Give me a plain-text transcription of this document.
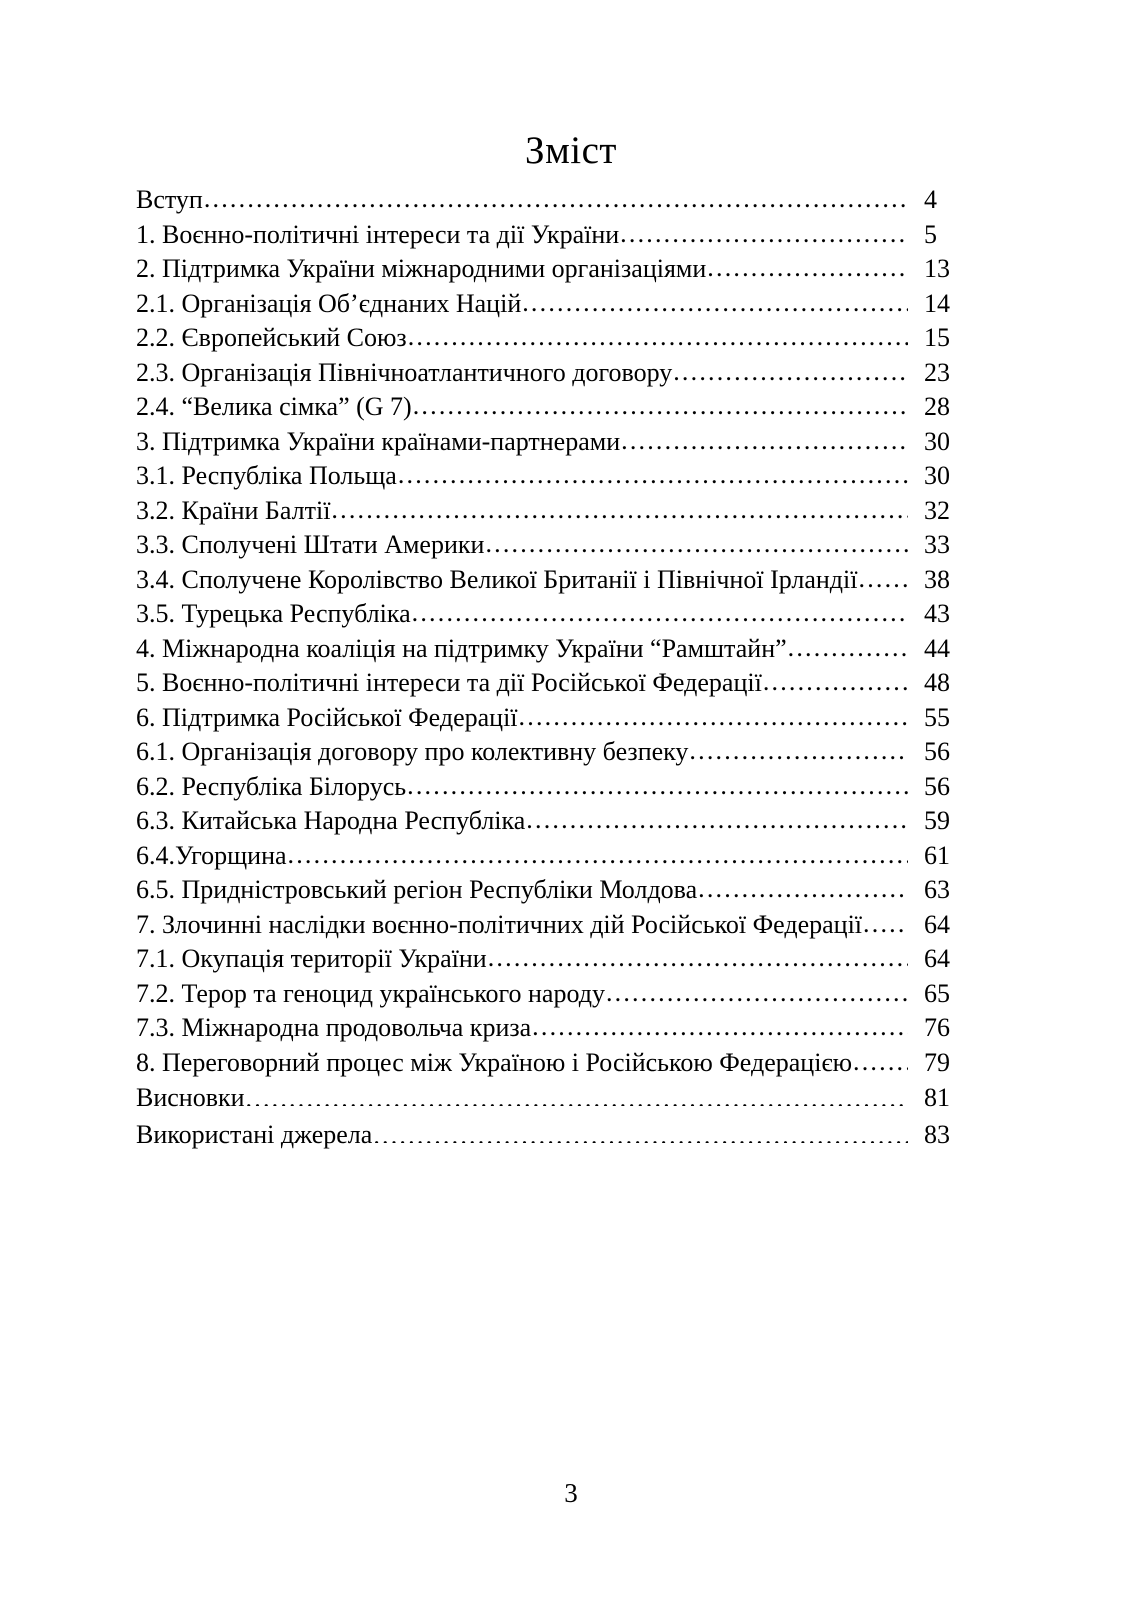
Зміст
Вступ .....	4
1. Воєнно-політичні інтереси та дії України .....	5
2. Підтримка України міжнародними організаціями .....	13
2.1. Організація Об’єднаних Націй .....	14
2.2. Європейський Союз .....	15
2.3. Організація Північноатлантичного договору .....	23
2.4. “Велика сімка” (G 7) .....	28
3. Підтримка України країнами-партнерами .....	30
3.1. Республіка Польща .....	30
3.2. Країни Балтії .....	32
3.3. Сполучені Штати Америки .....	33
3.4. Сполучене Королівство Великої Британії і Північної Ірландії .....	38
3.5. Турецька Республіка .....	43
4. Міжнародна коаліція на підтримку України “Рамштайн” .....	44
5. Воєнно-політичні інтереси та дії Російської Федерації .....	48
6. Підтримка Російської Федерації .....	55
6.1. Організація договору про колективну безпеку .....	56
6.2. Республіка Білорусь .....	56
6.3. Китайська Народна Республіка .....	59
6.4.Угорщина .....	61
6.5. Придністровський регіон Республіки Молдова .....	63
7. Злочинні наслідки воєнно-політичних дій Російської Федерації .....	64
7.1. Окупація території України .....	64
7.2. Терор та геноцид українського народу .....	65
7.3. Міжнародна продовольча криза .....	76
8. Переговорний процес між Україною і Російською Федерацією .....	79
Висновки .....	81
Використані джерела .....	83
3
